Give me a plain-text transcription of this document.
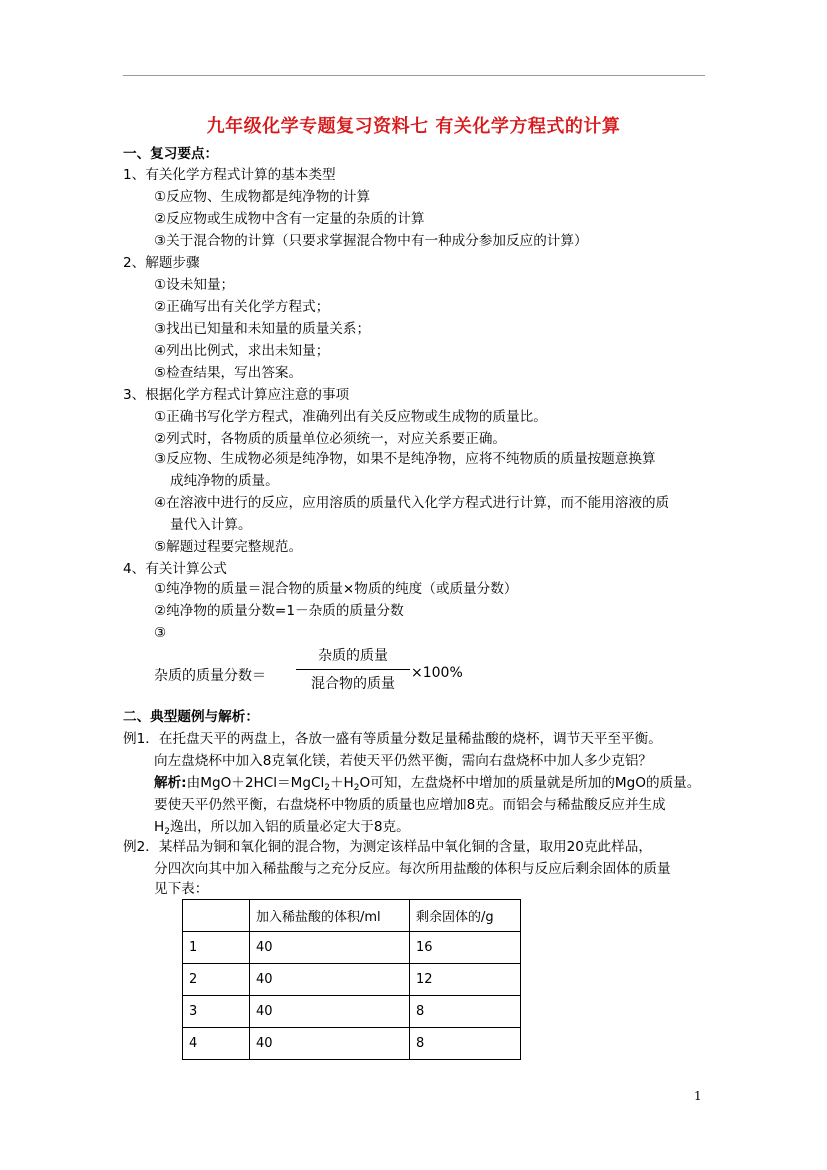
九年级化学专题复习资料七 有关化学方程式的计算
一、复习要点：
1、有关化学方程式计算的基本类型
①反应物、生成物都是纯净物的计算
②反应物或生成物中含有一定量的杂质的计算
③关于混合物的计算（只要求掌握混合物中有一种成分参加反应的计算）
2、解题步骤
①设未知量；
②正确写出有关化学方程式；
③找出已知量和未知量的质量关系；
④列出比例式，求出未知量；
⑤检查结果，写出答案。
3、根据化学方程式计算应注意的事项
①正确书写化学方程式，准确列出有关反应物或生成物的质量比。
②列式时，各物质的质量单位必须统一，对应关系要正确。
③反应物、生成物必须是纯净物，如果不是纯净物，应将不纯物质的质量按题意换算
成纯净物的质量。
④在溶液中进行的反应，应用溶质的质量代入化学方程式进行计算，而不能用溶液的质
量代入计算。
⑤解题过程要完整规范。
4、有关计算公式
①纯净物的质量＝混合物的质量×物质的纯度（或质量分数）
②纯净物的质量分数=1－杂质的质量分数
③
杂质的质量分数＝
杂质的质量
混合物的质量
×100%
二、典型题例与解析：
例1．在托盘天平的两盘上，各放一盛有等质量分数足量稀盐酸的烧杯，调节天平至平衡。
向左盘烧杯中加入8克氧化镁，若使天平仍然平衡，需向右盘烧杯中加人多少克铝？
解析:由$MgO+2HCl=MgCl_2+H_2O$可知，左盘烧杯中增加的质量就是所加的MgO的质量。
要使天平仍然平衡，右盘烧杯中物质的质量也应增加8克。而铝会与稀盐酸反应并生成
$H_2$逸出，所以加入铝的质量必定大于8克。
例2．某样品为铜和氧化铜的混合物，为测定该样品中氧化铜的含量，取用20克此样品，
分四次向其中加入稀盐酸与之充分反应。每次所用盐酸的体积与反应后剩余固体的质量
见下表：
	加入稀盐酸的体积/ml	剩余固体的/g
1	40	16
2	40	12
3	40	8
4	40	8
1
